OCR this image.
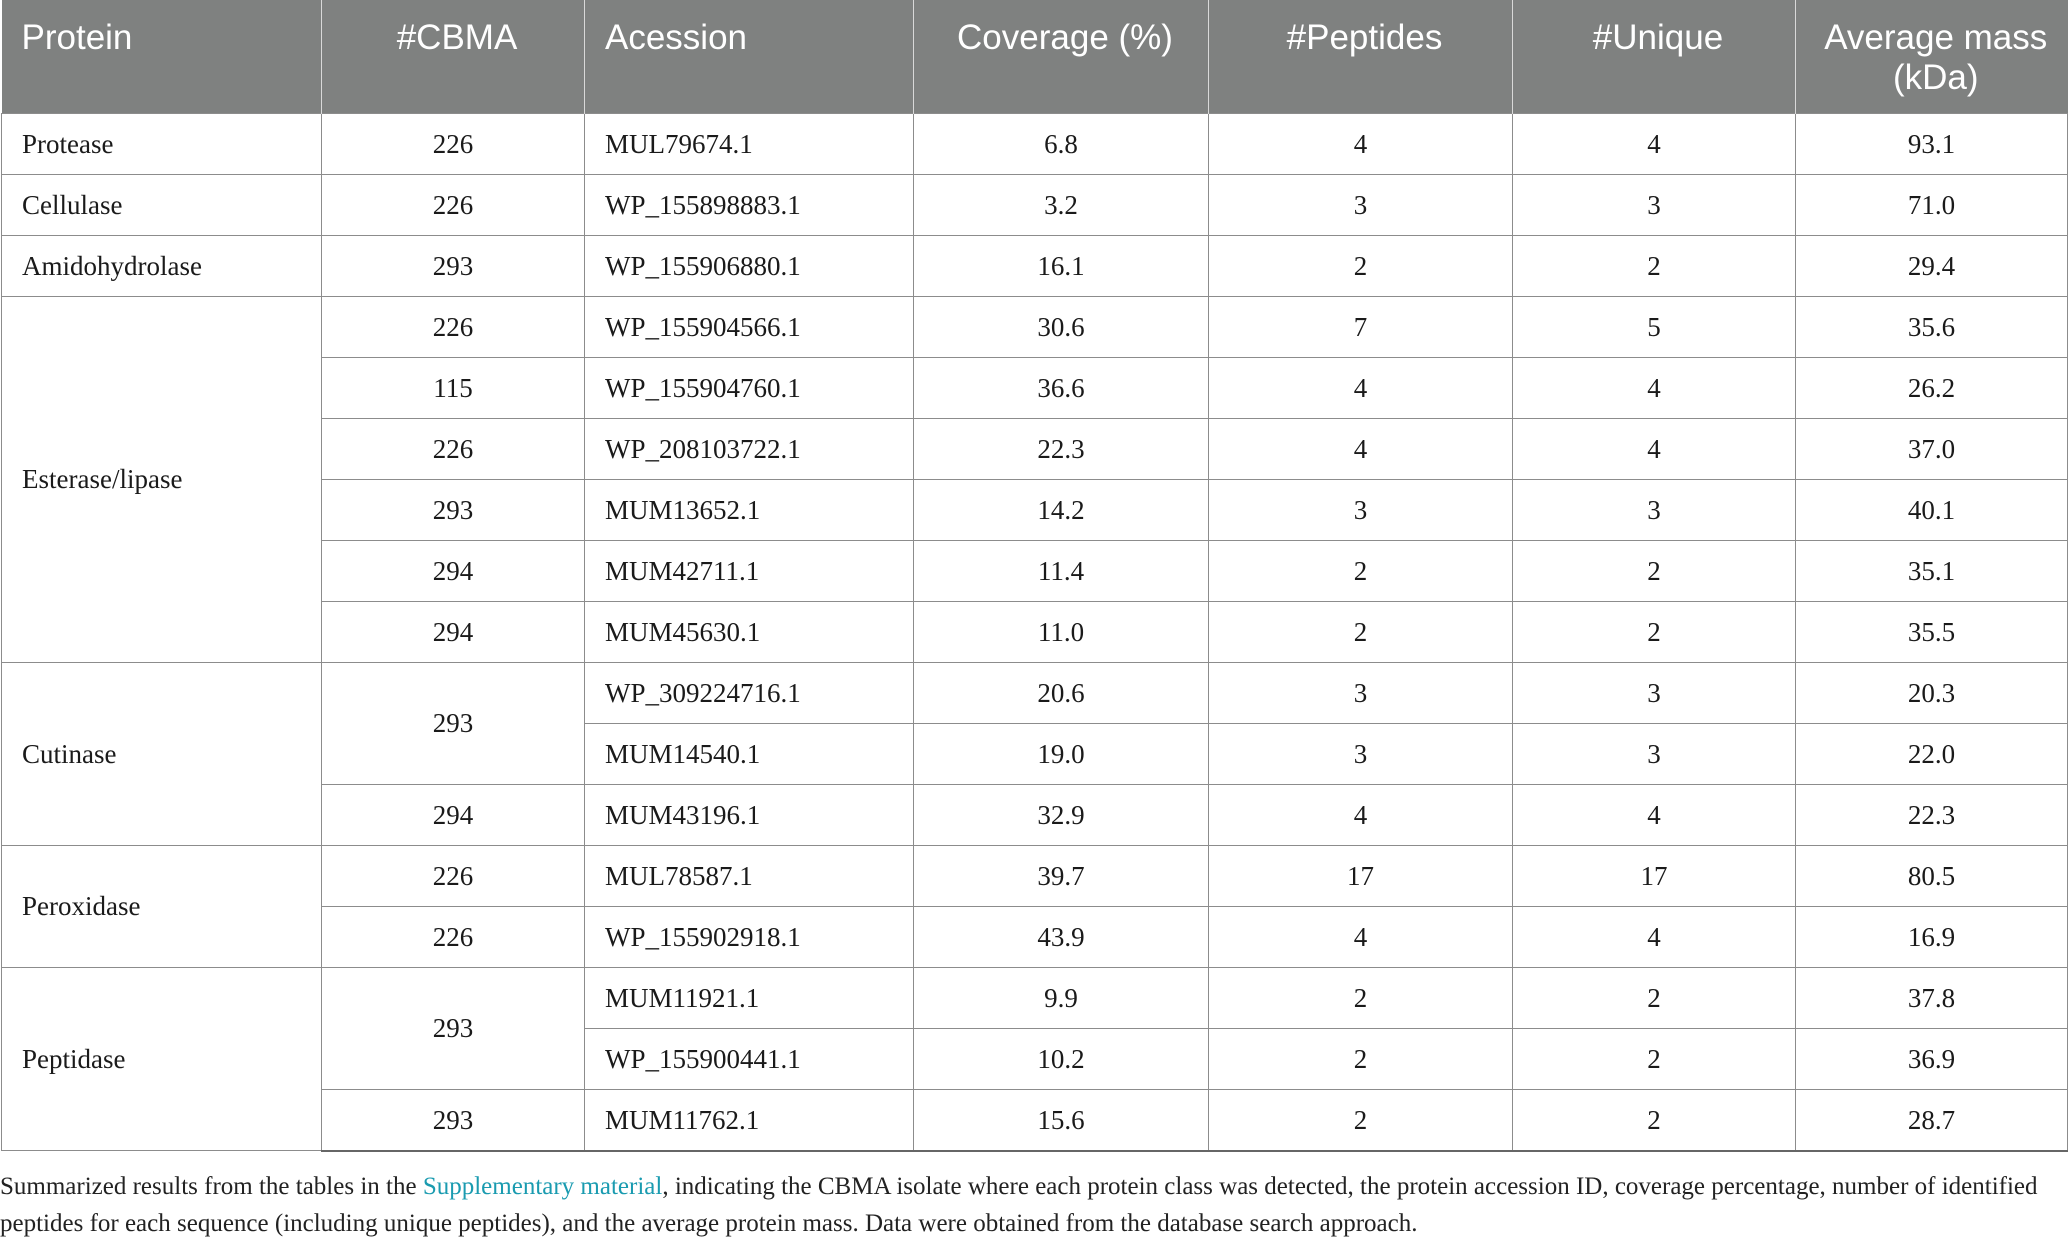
Protein	#CBMA	Acession	Coverage (%)	#Peptides	#Unique	Average mass (kDa)
Protease	226	MUL79674.1	6.8	4	4	93.1
Cellulase	226	WP_155898883.1	3.2	3	3	71.0
Amidohydrolase	293	WP_155906880.1	16.1	2	2	29.4
Esterase/lipase	226	WP_155904566.1	30.6	7	5	35.6
	115	WP_155904760.1	36.6	4	4	26.2
	226	WP_208103722.1	22.3	4	4	37.0
	293	MUM13652.1	14.2	3	3	40.1
	294	MUM42711.1	11.4	2	2	35.1
	294	MUM45630.1	11.0	2	2	35.5
Cutinase	293	WP_309224716.1	20.6	3	3	20.3
		MUM14540.1	19.0	3	3	22.0
	294	MUM43196.1	32.9	4	4	22.3
Peroxidase	226	MUL78587.1	39.7	17	17	80.5
	226	WP_155902918.1	43.9	4	4	16.9
Peptidase	293	MUM11921.1	9.9	2	2	37.8
		WP_155900441.1	10.2	2	2	36.9
	293	MUM11762.1	15.6	2	2	28.7
Summarized results from the tables in the Supplementary material, indicating the CBMA isolate where each protein class was detected, the protein accession ID, coverage percentage, number of identified peptides for each sequence (including unique peptides), and the average protein mass. Data were obtained from the database search approach.
